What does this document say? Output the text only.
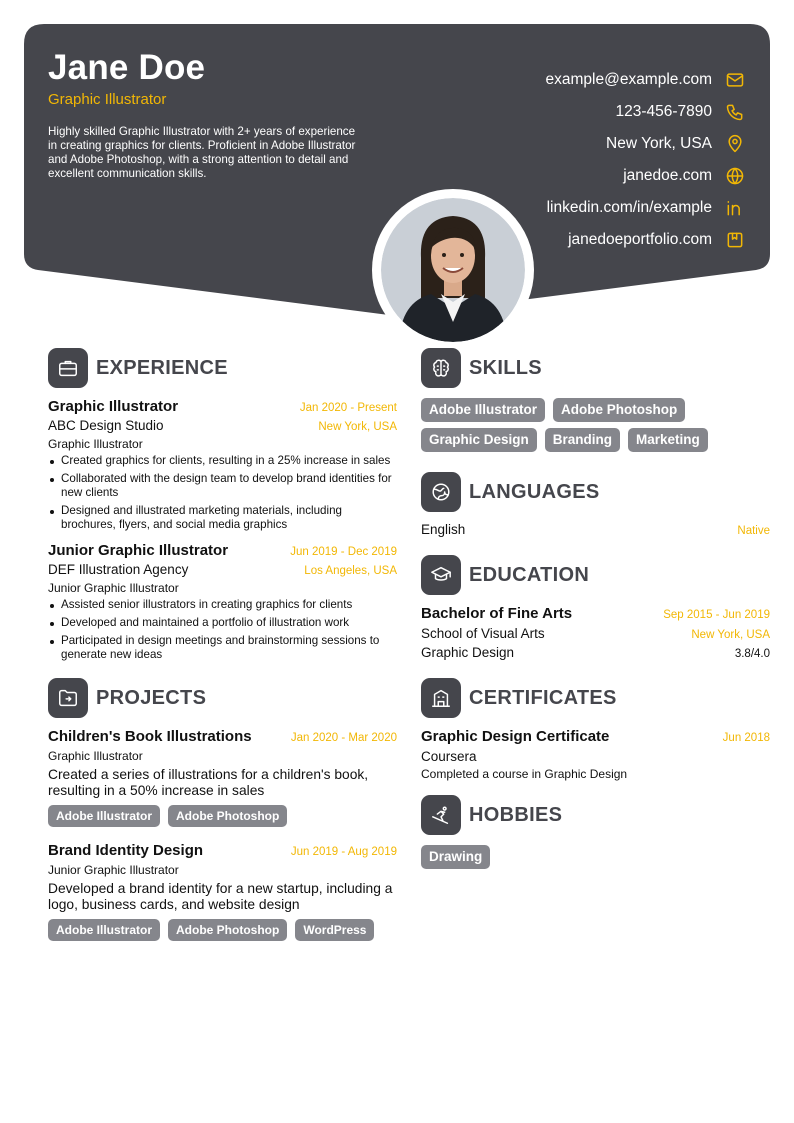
Jane Doe
Graphic Illustrator
Highly skilled Graphic Illustrator with 2+ years of experience in creating graphics for clients. Proficient in Adobe Illustrator and Adobe Photoshop, with a strong attention to detail and excellent communication skills.
example@example.com
123-456-7890
New York, USA
janedoe.com
linkedin.com/in/example
janedoeportfolio.com
EXPERIENCE
Graphic Illustrator	Jan 2020 - Present
ABC Design Studio	New York, USA
Graphic Illustrator
Created graphics for clients, resulting in a 25% increase in sales
Collaborated with the design team to develop brand identities for new clients
Designed and illustrated marketing materials, including brochures, flyers, and social media graphics
Junior Graphic Illustrator	Jun 2019 - Dec 2019
DEF Illustration Agency	Los Angeles, USA
Junior Graphic Illustrator
Assisted senior illustrators in creating graphics for clients
Developed and maintained a portfolio of illustration work
Participated in design meetings and brainstorming sessions to generate new ideas
PROJECTS
Children's Book Illustrations	Jan 2020 - Mar 2020
Graphic Illustrator
Created a series of illustrations for a children's book, resulting in a 50% increase in sales
Adobe Illustrator	Adobe Photoshop
Brand Identity Design	Jun 2019 - Aug 2019
Junior Graphic Illustrator
Developed a brand identity for a new startup, including a logo, business cards, and website design
Adobe Illustrator	Adobe Photoshop	WordPress
SKILLS
Adobe Illustrator	Adobe Photoshop
Graphic Design	Branding	Marketing
LANGUAGES
English	Native
EDUCATION
Bachelor of Fine Arts	Sep 2015 - Jun 2019
School of Visual Arts	New York, USA
Graphic Design	3.8/4.0
CERTIFICATES
Graphic Design Certificate	Jun 2018
Coursera
Completed a course in Graphic Design
HOBBIES
Drawing
